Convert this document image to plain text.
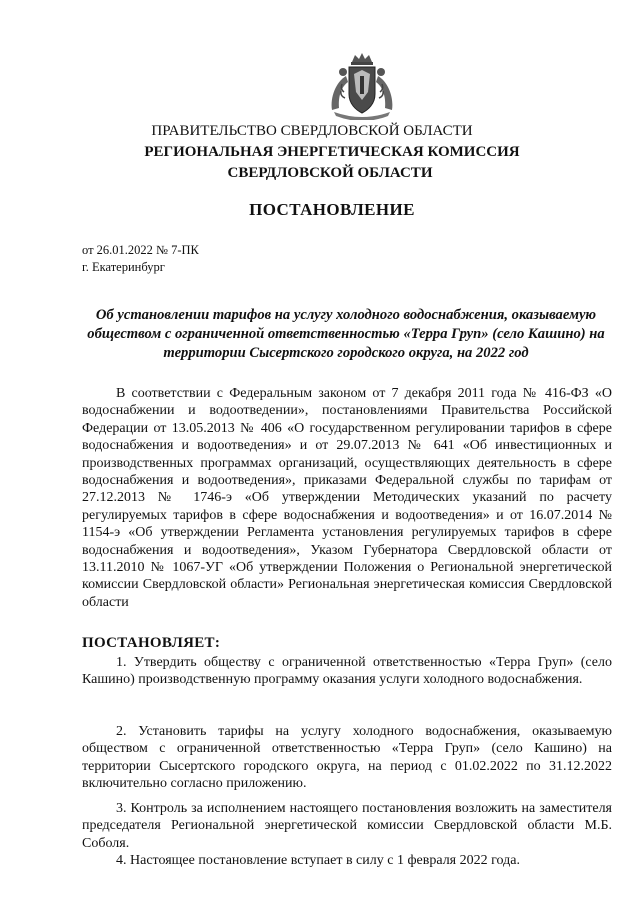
ПРАВИТЕЛЬСТВО СВЕРДЛОВСКОЙ ОБЛАСТИ
РЕГИОНАЛЬНАЯ ЭНЕРГЕТИЧЕСКАЯ КОМИССИЯ
СВЕРДЛОВСКОЙ ОБЛАСТИ
ПОСТАНОВЛЕНИЕ
от 26.01.2022 № 7-ПК
г. Екатеринбург
Об установлении тарифов на услугу холодного водоснабжения, оказываемую обществом с ограниченной ответственностью «Терра Груп» (село Кашино) на территории Сысертского городского округа, на 2022 год
В соответствии с Федеральным законом от 7 декабря 2011 года № 416-ФЗ «О водоснабжении и водоотведении», постановлениями Правительства Российской Федерации от 13.05.2013 № 406 «О государственном регулировании тарифов в сфере водоснабжения и водоотведения» и от 29.07.2013 № 641 «Об инвестиционных и производственных программах организаций, осуществляющих деятельность в сфере водоснабжения и водоотведения», приказами Федеральной службы по тарифам от 27.12.2013 № 1746-э «Об утверждении Методических указаний по расчету регулируемых тарифов в сфере водоснабжения и водоотведения» и от 16.07.2014 № 1154-э «Об утверждении Регламента установления регулируемых тарифов в сфере водоснабжения и водоотведения», Указом Губернатора Свердловской области от 13.11.2010 № 1067-УГ «Об утверждении Положения о Региональной энергетической комиссии Свердловской области» Региональная энергетическая комиссия Свердловской области
ПОСТАНОВЛЯЕТ:
1. Утвердить обществу с ограниченной ответственностью «Терра Груп» (село Кашино) производственную программу оказания услуги холодного водоснабжения.
2. Установить тарифы на услугу холодного водоснабжения, оказываемую обществом с ограниченной ответственностью «Терра Груп» (село Кашино) на территории Сысертского городского округа, на период с 01.02.2022 по 31.12.2022 включительно согласно приложению.
3. Контроль за исполнением настоящего постановления возложить на заместителя председателя Региональной энергетической комиссии Свердловской области М.Б. Соболя.
4. Настоящее постановление вступает в силу с 1 февраля 2022 года.
